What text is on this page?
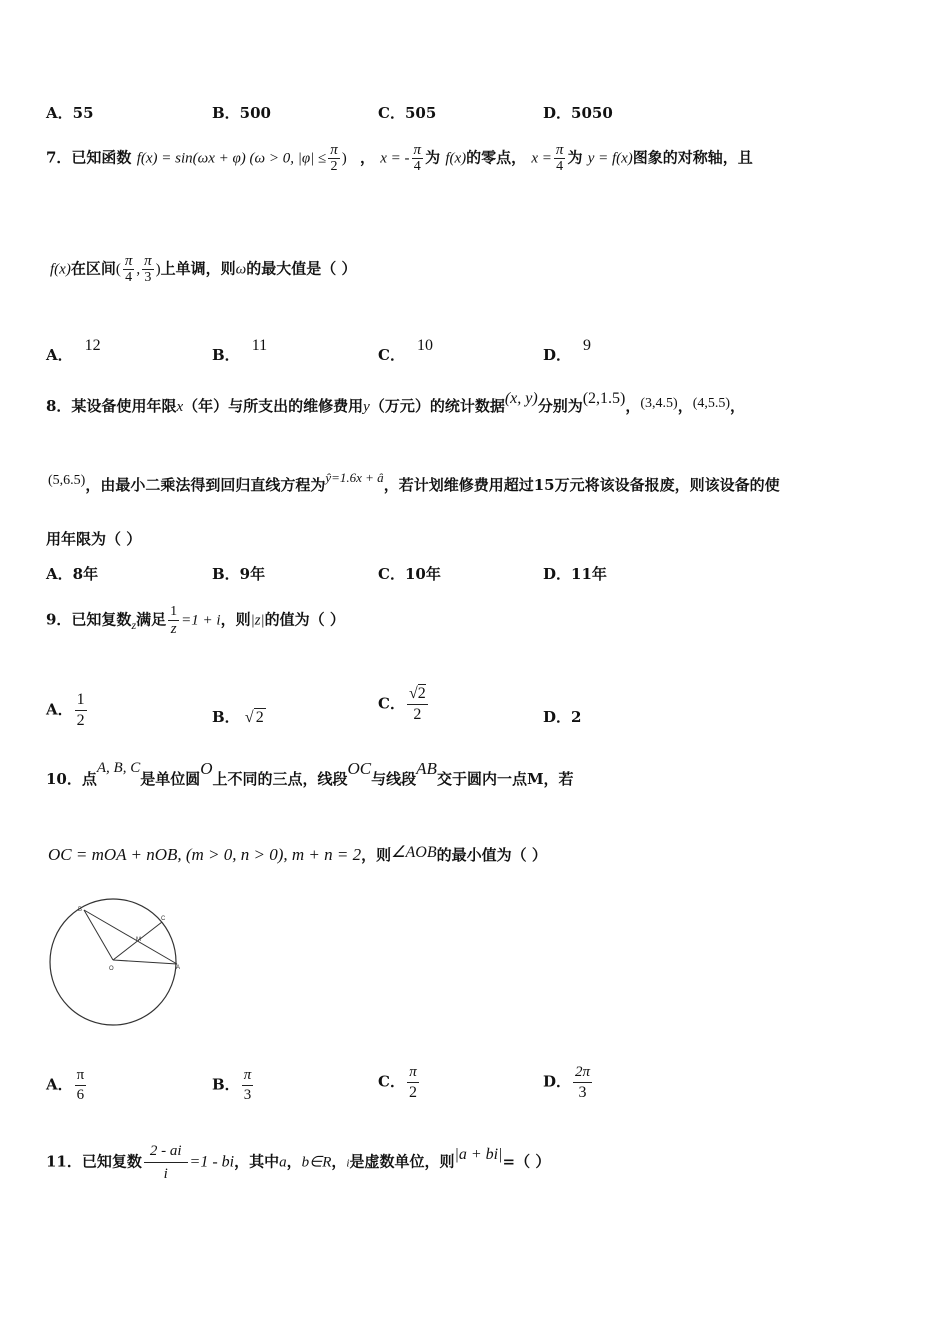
A．55	B．500	C．505	D．5050
7．已知函数 f(x) = sin(ωx + φ) (ω > 0, $|\varphi| \le \frac{\pi}{2}$ ) ， x = - $\frac{\pi}{4}$ 为 f(x)的零点， $x = \frac{\pi}{4}$ 为 y = f(x)图象的对称轴，且
f(x)在区间( $\frac{\pi}{4}$ , $\frac{\pi}{3}$ )上单调，则ω的最大值是（ ）
A．12
B．11
C．10
D．9
8．某设备使用年限x（年）与所支出的维修费用y（万元）的统计数据(x, y)分别为(2,1.5)，(3,4.5)，(4,5.5)，
(5,6.5)，由最小二乘法得到回归直线方程为ŷ=1.6x + â，若计划维修费用超过15万元将该设备报废，则该设备的使
用年限为（ ）
A．8年	B．9年	C．10年	D．11年
9．已知复数$_z$满足 $\frac{1}{z} =1 + i$，则|z|的值为（ ）
A． $\frac{1}{2}$	B． √ 2
C． $\frac{√2}{2}$	D．2
10．点A, B, C是单位圆O上不同的三点，线段OC与线段AB交于圆内一点M，若
OC = mOA + nOB, (m > 0, n > 0), m + n = 2，则∠AOB的最小值为（ ）
B
C
M
O	A
A． $\frac{\pi}{6}$	B． $\frac{\pi}{3}$	C． $\frac{\pi}{2}$	D． $\frac{2\pi}{3}$
11．已知复数 $\frac{2 - ai}{i} =1$ - bi，其中a，b∈R，i是虚数单位，则|a + bi|=（ ）
